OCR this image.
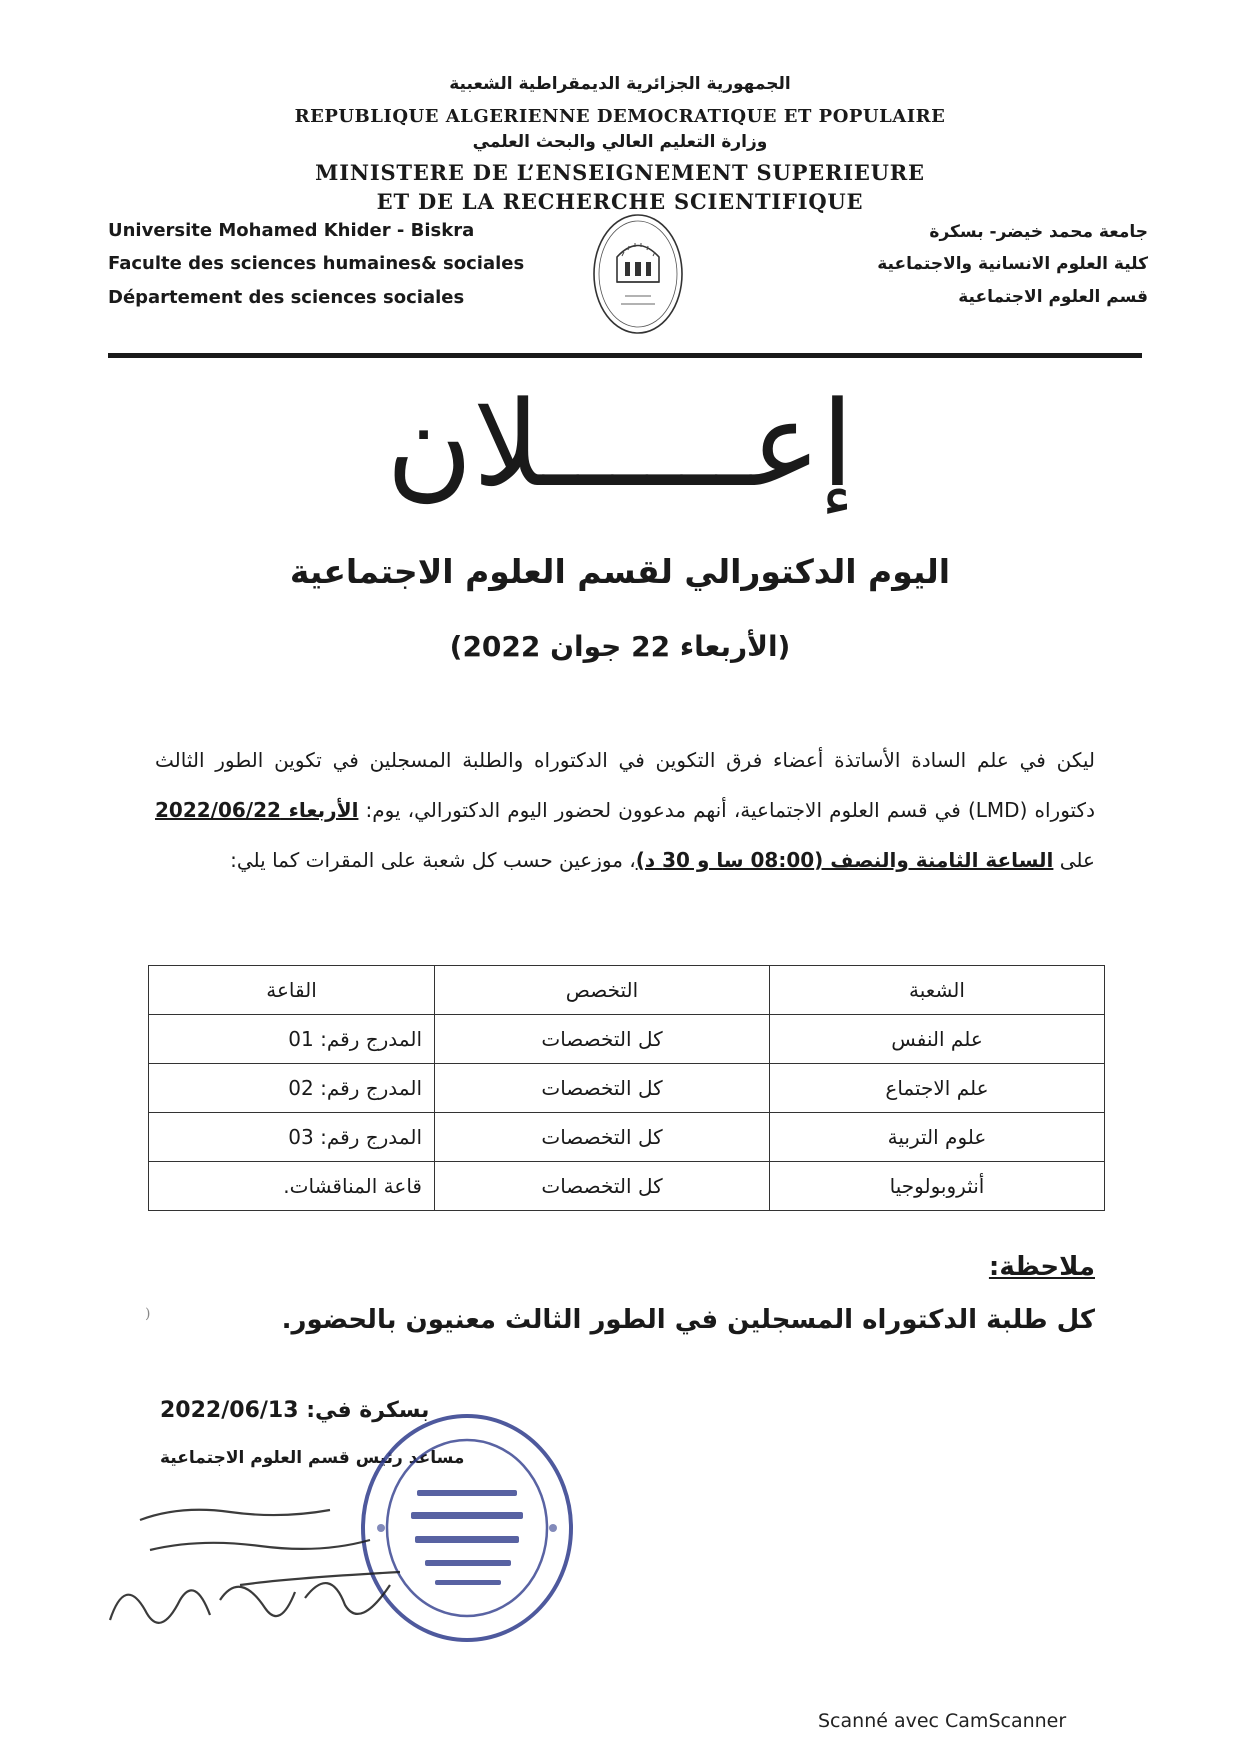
الجمهورية الجزائرية الديمقراطية الشعبية
REPUBLIQUE ALGERIENNE DEMOCRATIQUE ET POPULAIRE
وزارة التعليم العالي والبحث العلمي
MINISTERE DE L’ENSEIGNEMENT SUPERIEURE
ET DE LA RECHERCHE SCIENTIFIQUE
Universite Mohamed Khider - Biskra
Faculte des sciences humaines& sociales
Département des sciences sociales
جامعة محمد خيضر- بسكرة
كلية العلوم الانسانية والاجتماعية
قسم العلوم الاجتماعية
إعــــــلان
اليوم الدكتورالي لقسم العلوم الاجتماعية
(الأربعاء 22 جوان 2022)
ليكن في علم السادة الأساتذة أعضاء فرق التكوين في الدكتوراه والطلبة المسجلين في تكوين الطور الثالث دكتوراه (LMD) في قسم العلوم الاجتماعية، أنهم مدعوون لحضور اليوم الدكتورالي، يوم: الأربعاء 2022/06/22 على الساعة الثامنة والنصف (08:00 سا و 30 د)، موزعين حسب كل شعبة على المقرات كما يلي:
الشعبة	التخصص	القاعة
علم النفس	كل التخصصات	المدرج رقم: 01
علم الاجتماع	كل التخصصات	المدرج رقم: 02
علوم التربية	كل التخصصات	المدرج رقم: 03
أنثروبولوجيا	كل التخصصات	قاعة المناقشات.
ملاحظة:
كل طلبة الدكتوراه المسجلين في الطور الثالث معنيون بالحضور.
بسكرة في: 2022/06/13
مساعد رئيس قسم العلوم الاجتماعية
)
Scanné avec CamScanner
